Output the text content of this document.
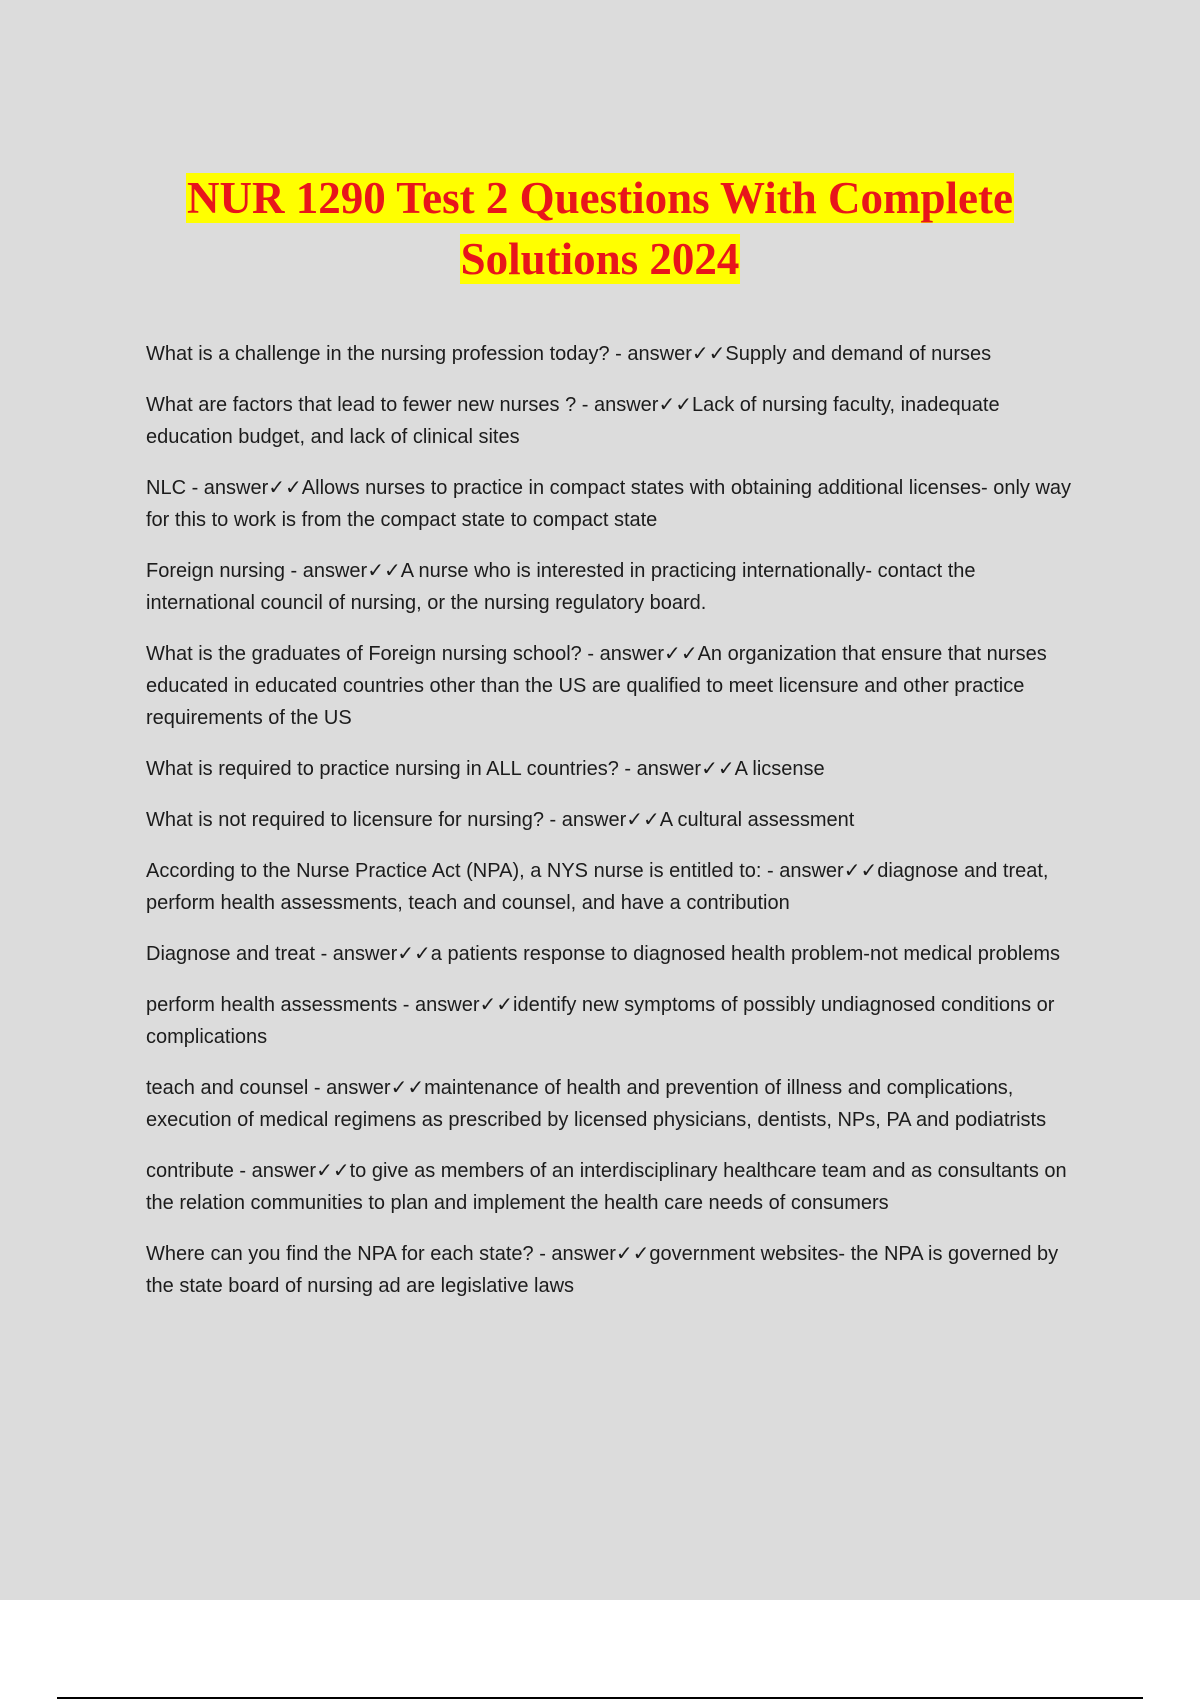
NUR 1290 Test 2 Questions With Complete
Solutions 2024

What is a challenge in the nursing profession today? - answer✓✓Supply and demand of nurses

What are factors that lead to fewer new nurses ? - answer✓✓Lack of nursing faculty, inadequate education budget, and lack of clinical sites

NLC - answer✓✓Allows nurses to practice in compact states with obtaining additional licenses- only way for this to work is from the compact state to compact state

Foreign nursing - answer✓✓A nurse who is interested in practicing internationally- contact the international council of nursing, or the nursing regulatory board.

What is the graduates of Foreign nursing school? - answer✓✓An organization that ensure that nurses educated in educated countries other than the US are qualified to meet licensure and other practice requirements of the US

What is required to practice nursing in ALL countries? - answer✓✓A licsense

What is not required to licensure for nursing? - answer✓✓A cultural assessment

According to the Nurse Practice Act (NPA), a NYS nurse is entitled to: - answer✓✓diagnose and treat, perform health assessments, teach and counsel, and have a contribution

Diagnose and treat - answer✓✓a patients response to diagnosed health problem-not medical problems

perform health assessments - answer✓✓identify new symptoms of possibly undiagnosed conditions or complications

teach and counsel - answer✓✓maintenance of health and prevention of illness and complications, execution of medical regimens as prescribed by licensed physicians, dentists, NPs, PA and podiatrists

contribute - answer✓✓to give as members of an interdisciplinary healthcare team and as consultants on the relation communities to plan and implement the health care needs of consumers

Where can you find the NPA for each state? - answer✓✓government websites- the NPA is governed by the state board of nursing ad are legislative laws
